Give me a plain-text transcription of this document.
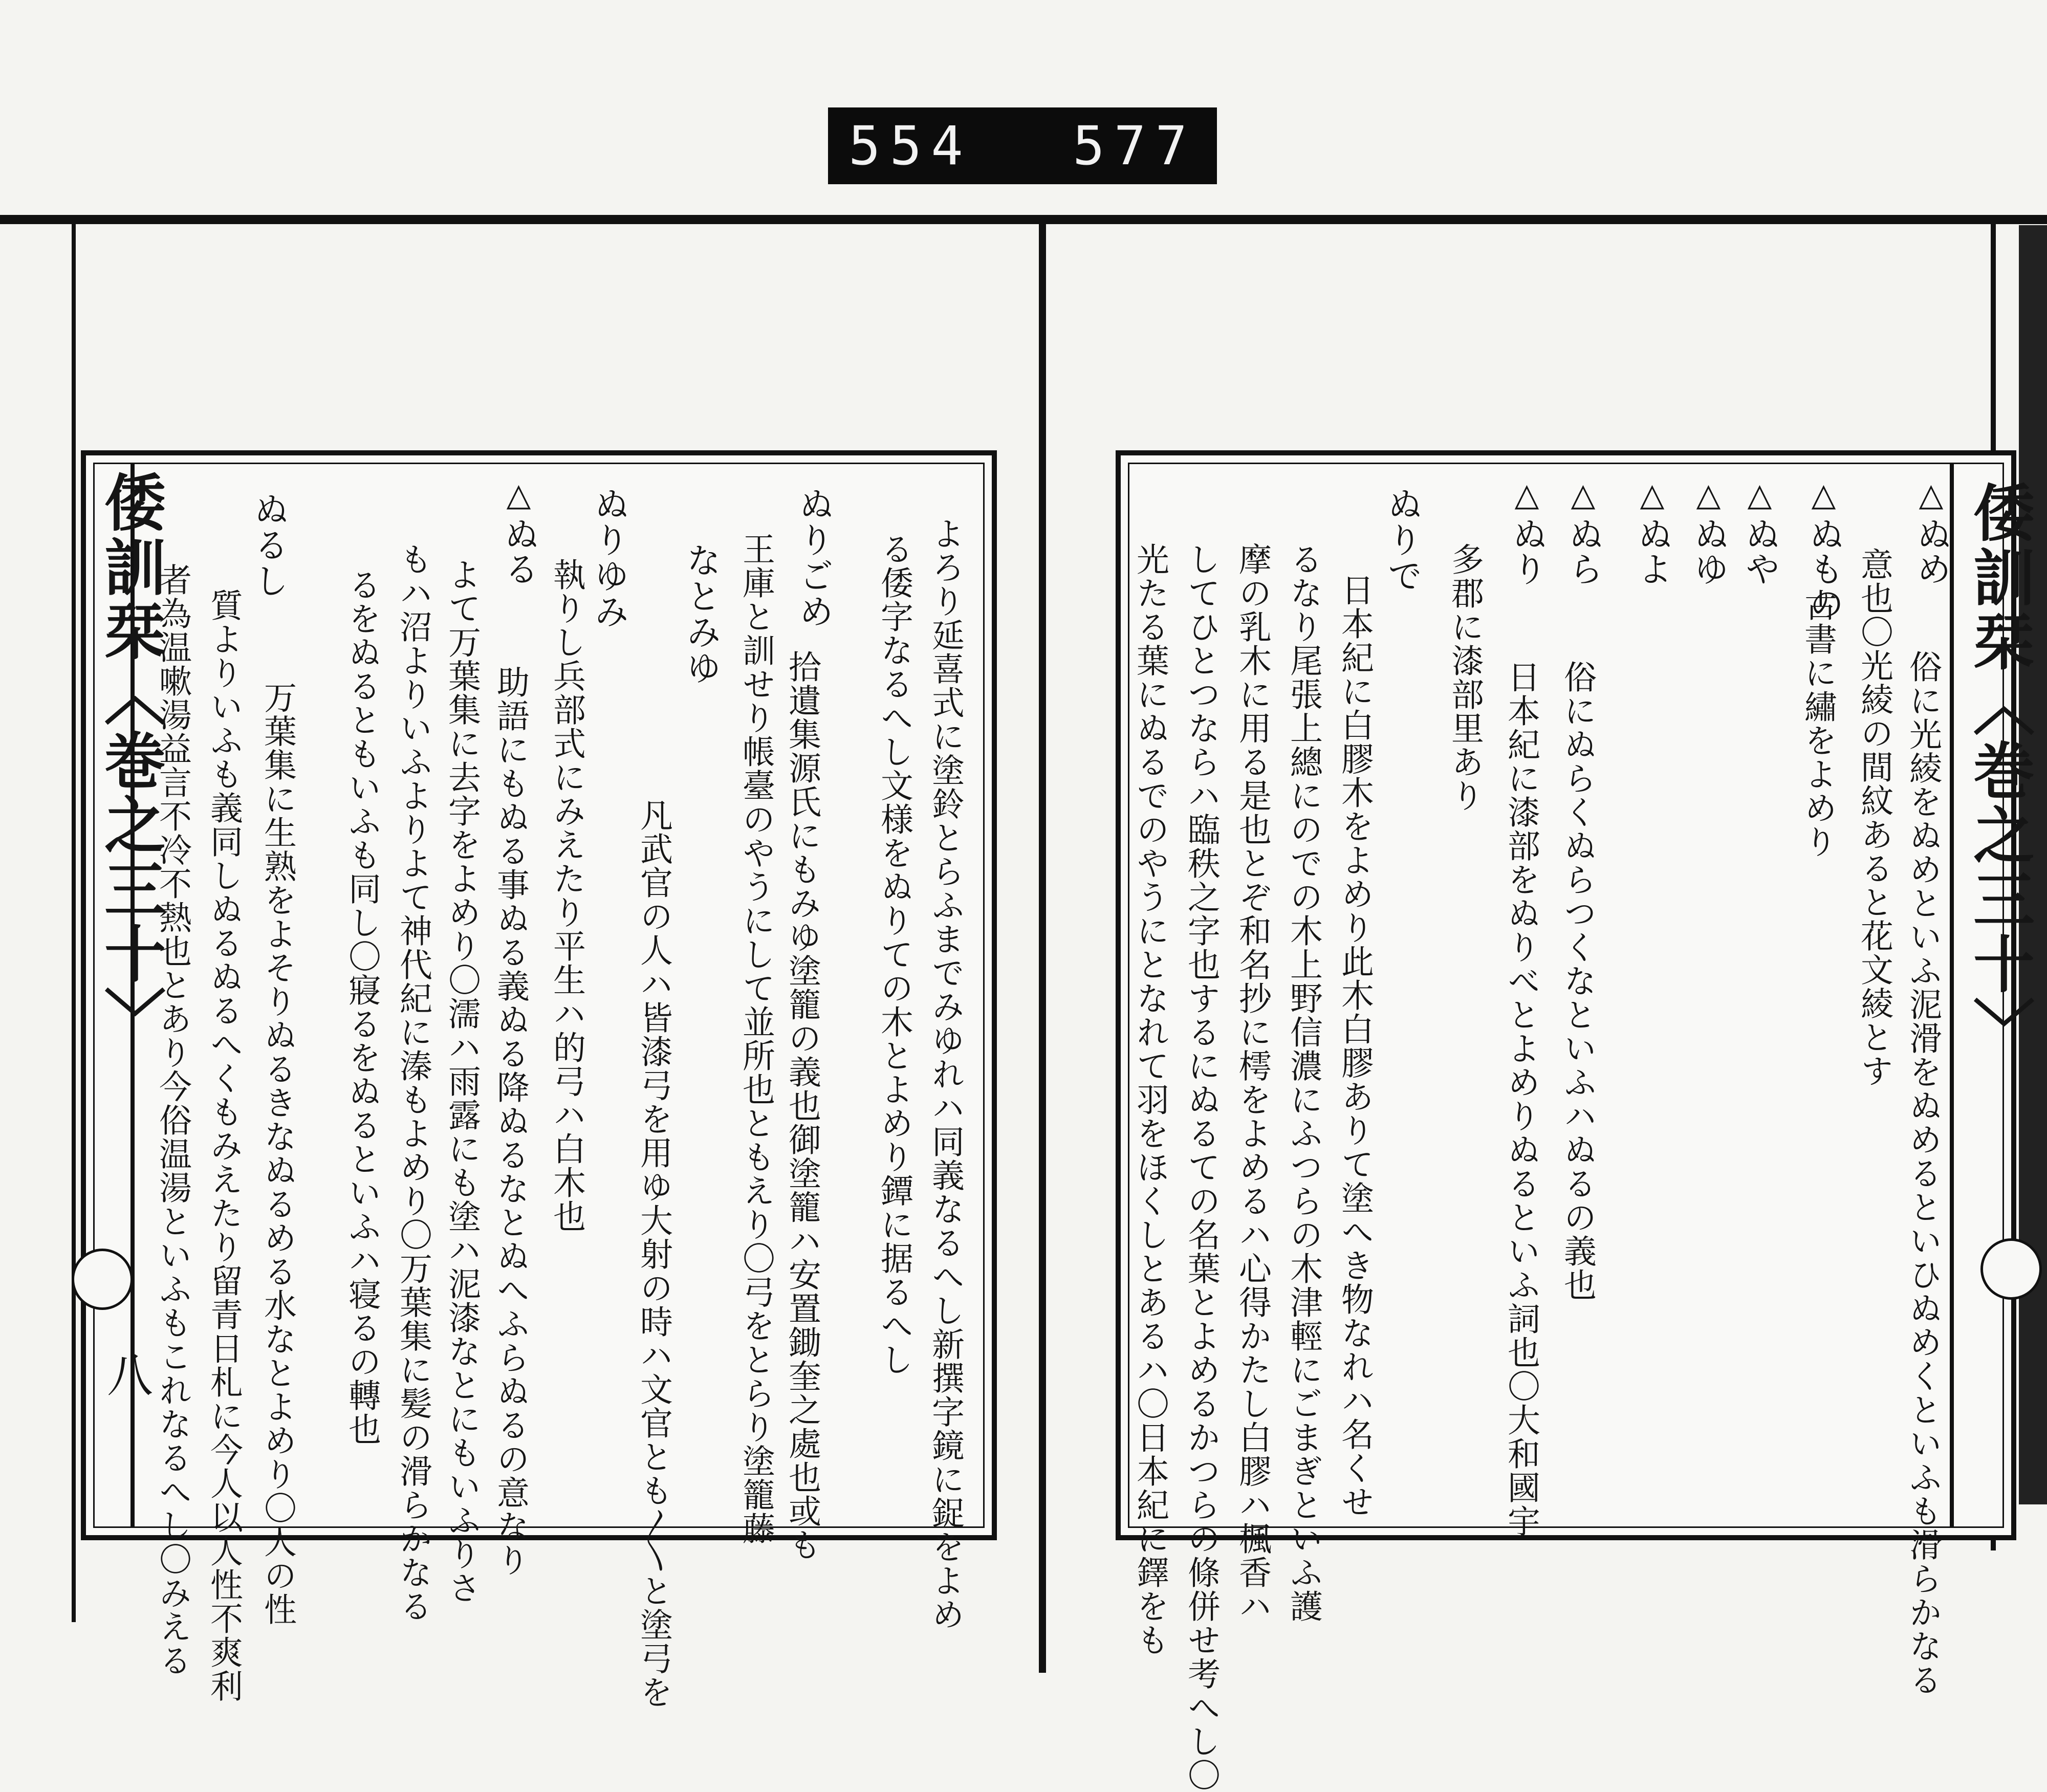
554 577
倭訓栞〈巻之三十〉
八	よろり延喜式に塗鈴とらふまでみゆれハ同義なるへし新撰字鏡に鋜をよめ
る倭字なるへし文様をぬりての木とよめり鐔に据るへし
ぬりごめ
拾遺集源氏にもみゆ塗籠の義也御塗籠ハ安置鋤奎之處也或も
王庫と訓せり帳臺のやうにして並所也ともえり〇弓をとらり塗籠藤
なとみゆ
凡武官の人ハ皆漆弓を用ゆ大射の時ハ文官とも〳〵と塗弓を
ぬりゆみ
執りし兵部式にみえたり平生ハ的弓ハ白木也
△ぬる
助語にもぬる事ぬる義ぬる降ぬるなとぬへふらぬるの意なり
よて万葉集に去字をよめり〇濡ハ雨露にも塗ハ泥漆なとにもいふりさ
もハ沼よりいふよりよて神代紀に溱もよめり〇万葉集に髪の滑らかなる
るをぬるともいふも同し〇寢るをぬるといふハ寝るの轉也
ぬるし
万葉集に生熟をよそりぬるきなぬるめる水なとよめり〇人の性
質よりいふも義同しぬるぬるへくもみえたり留青日札に今人以人性不爽利
者為温嗽湯益言不冷不熱也とあり今俗温湯といふもこれなるへし〇みえる	倭訓栞〈巻之三十〉
△ぬめ
俗に光綾をぬめといふ泥滑をぬめるといひぬめくといふも滑らかなる
意也〇光綾の間紋あると花文綾とす
△ぬもの
古書に繡をよめり
△ぬや
△ぬゆ
△ぬよ
△ぬら
俗にぬらくぬらつくなといふハぬるの義也
△ぬり
日本紀に漆部をぬりべとよめりぬるといふ詞也〇大和國宇
多郡に漆部里あり
ぬりで
日本紀に白膠木をよめり此木白膠ありて塗へき物なれハ名くせ
るなり尾張上總にのでの木上野信濃にふつらの木津輕にごまぎといふ護
摩の乳木に用る是也とぞ和名抄に樗をよめるハ心得かたし白膠ハ楓香ハ
してひとつならハ臨秩之字也するにぬるての名葉とよめるかつらの條併せ考へし〇
光たる葉にぬるでのやうにとなれて羽をほくしとあるハ〇日本紀に鐸をも
